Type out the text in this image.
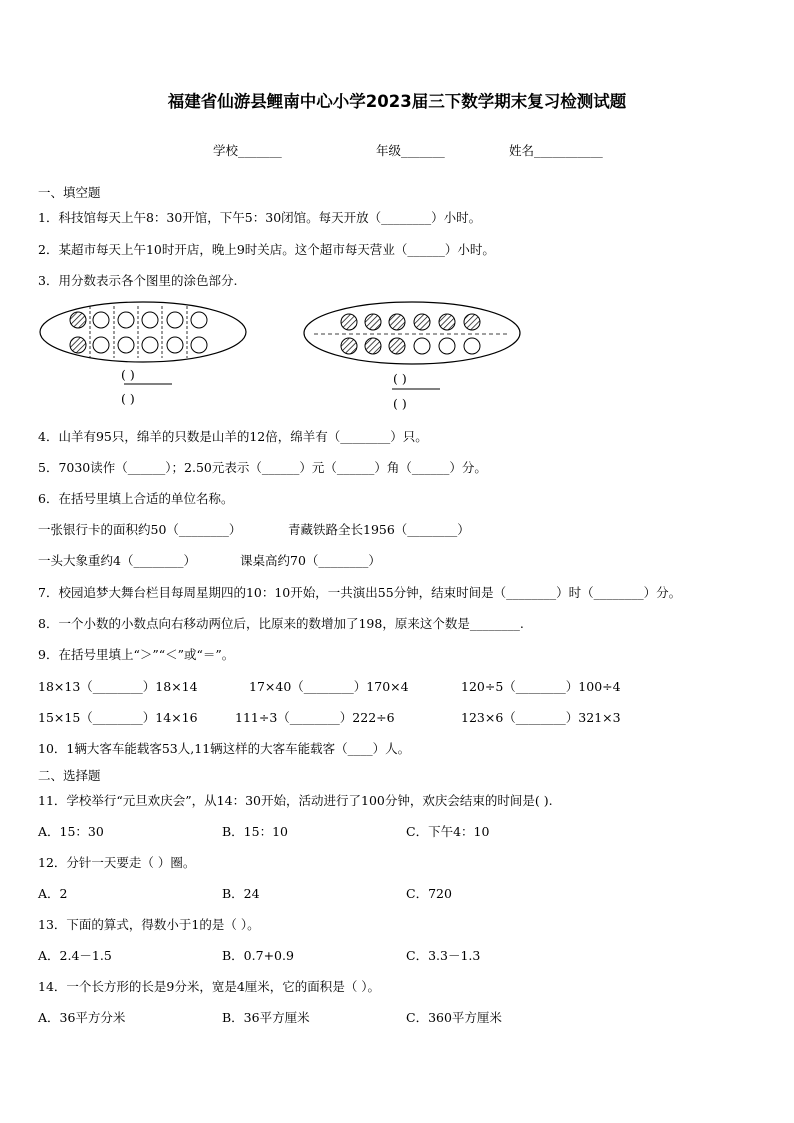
福建省仙游县鲤南中心小学2023届三下数学期末复习检测试题
学校_______	年级_______	姓名___________
一、填空题
1．科技馆每天上午8：30开馆，下午5：30闭馆。每天开放（________）小时。
2．某超市每天上午10时开店，晚上9时关店。这个超市每天营业（______）小时。
3．用分数表示各个图里的涂色部分.
( )
( )
( )
( )
4．山羊有95只，绵羊的只数是山羊的12倍，绵羊有（________）只。
5．7030读作（______）；2.50元表示（______）元（______）角（______）分。
6．在括号里填上合适的单位名称。
一张银行卡的面积约50（________）	青藏铁路全长1956（________）
一头大象重约4（________）	课桌高约70（________）
7．校园追梦大舞台栏目每周星期四的10：10开始，一共演出55分钟，结束时间是（________）时（________）分。
8．一个小数的小数点向右移动两位后，比原来的数增加了198，原来这个数是________.
9．在括号里填上“＞”“＜”或“＝”。
18×13（________）18×14	17×40（________）170×4	120÷5（________）100÷4
15×15（________）14×16	111÷3（________）222÷6	123×6（________）321×3
10．1辆大客车能载客53人,11辆这样的大客车能载客（____）人。
二、选择题
11．学校举行“元旦欢庆会”，从14：30开始，活动进行了100分钟，欢庆会结束的时间是( ).
A．15：30	B．15：10	C．下午4：10
12．分针一天要走（ ）圈。
A．2	B．24	C．720
13．下面的算式，得数小于1的是（ ）。
A．2.4－1.5	B．0.7+0.9	C．3.3－1.3
14．一个长方形的长是9分米，宽是4厘米，它的面积是（ ）。
A．36平方分米	B．36平方厘米	C．360平方厘米
